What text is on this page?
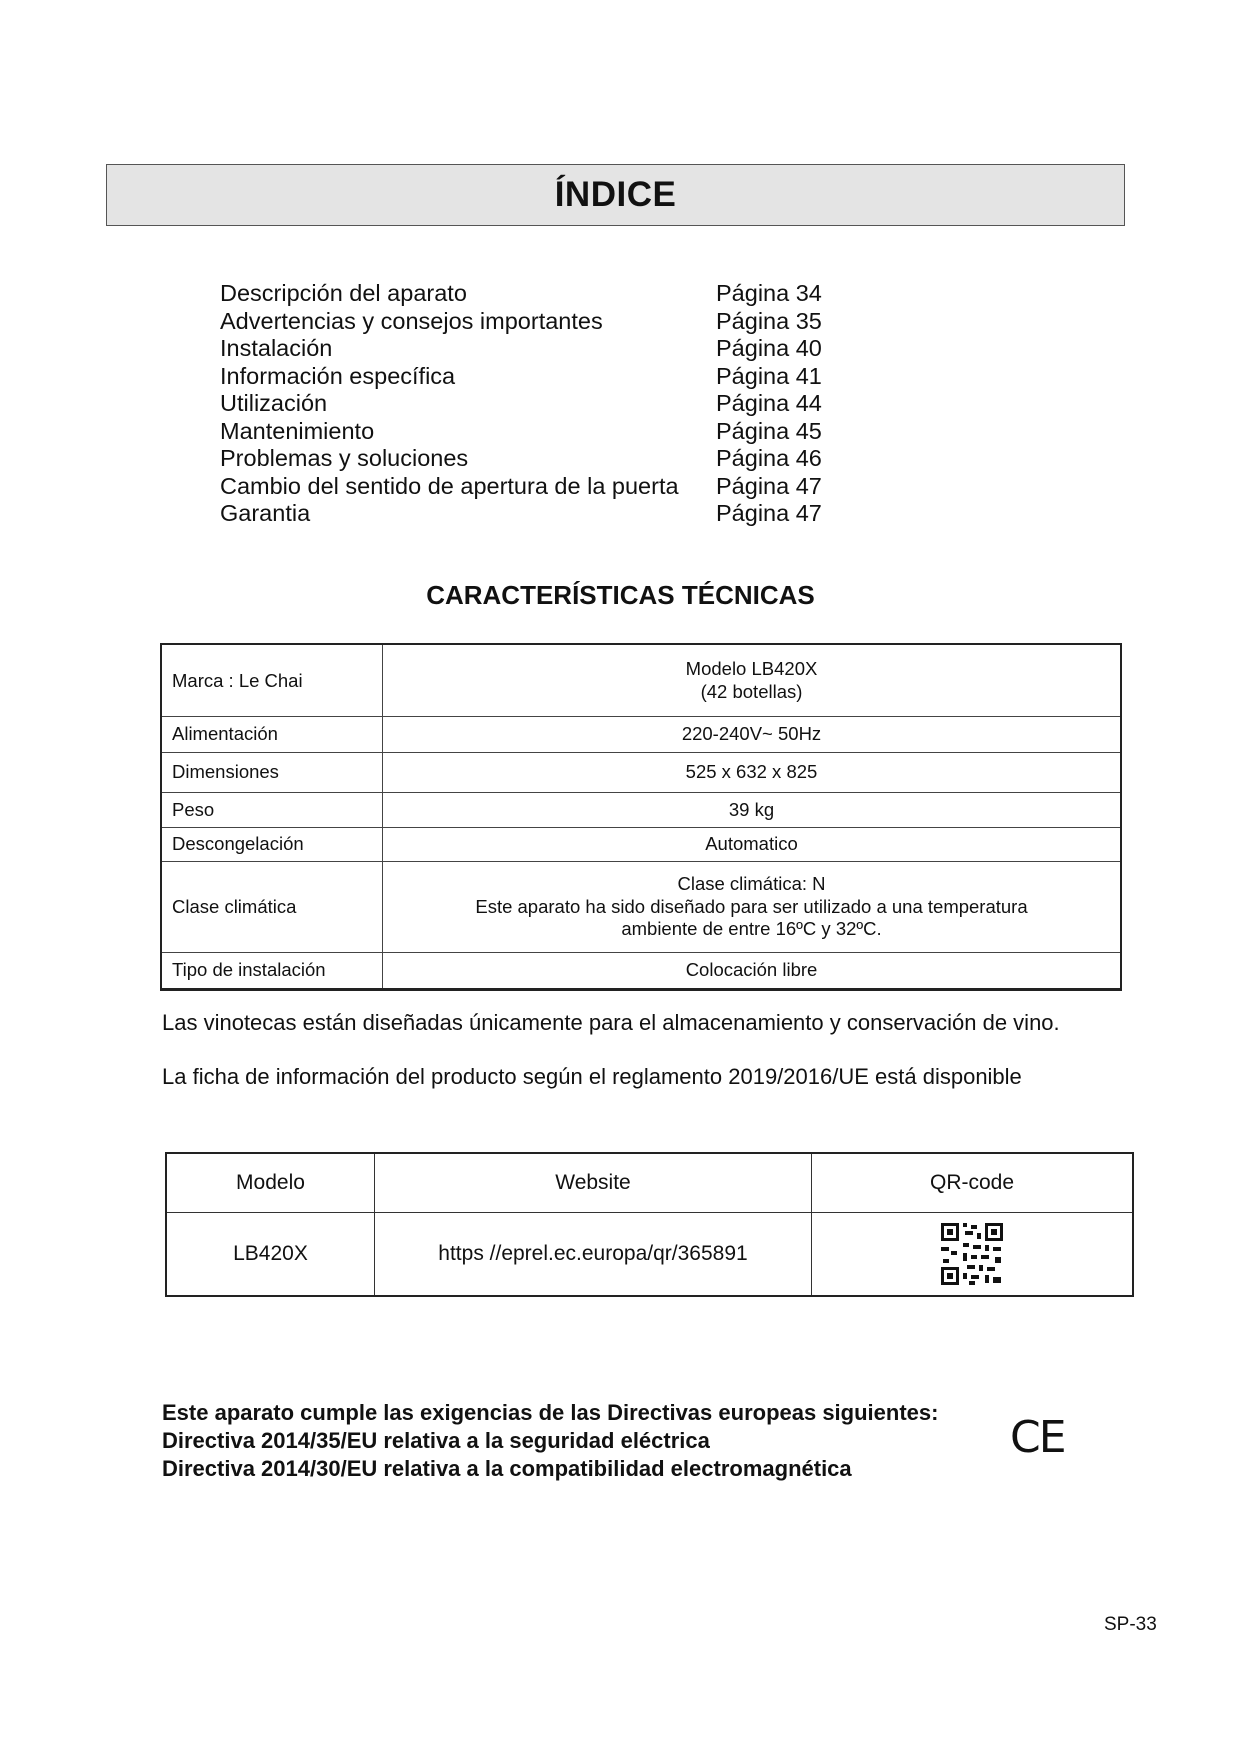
ÍNDICE
Descripción del aparato	Página 34
Advertencias y consejos importantes	Página 35
Instalación	Página 40
Información específica	Página 41
Utilización	Página 44
Mantenimiento	Página 45
Problemas y soluciones	Página 46
Cambio del sentido de apertura de la puerta	Página 47
Garantia	Página 47
CARACTERÍSTICAS TÉCNICAS
Marca : Le Chai	Modelo LB420X
(42 botellas)

Alimentación	220-240V~ 50Hz
Dimensiones	525 x 632 x 825
Peso	39 kg
Descongelación	Automatico
Clase climática	Clase climática: N
Este aparato ha sido diseñado para ser utilizado a una temperatura
ambiente de entre 16ºC y 32ºC.

Tipo de instalación	Colocación libre

Las vinotecas están diseñadas únicamente para el almacenamiento y conservación de vino.

La ficha de información del producto según el reglamento 2019/2016/UE está disponible

Modelo	Website	QR-code
LB420X	https //eprel.ec.europa/qr/365891	
Este aparato cumple las exigencias de las Directivas europeas siguientes:
Directiva 2014/35/EU relativa a la seguridad eléctrica
Directiva 2014/30/EU relativa a la compatibilidad electromagnética
CE
SP-33
